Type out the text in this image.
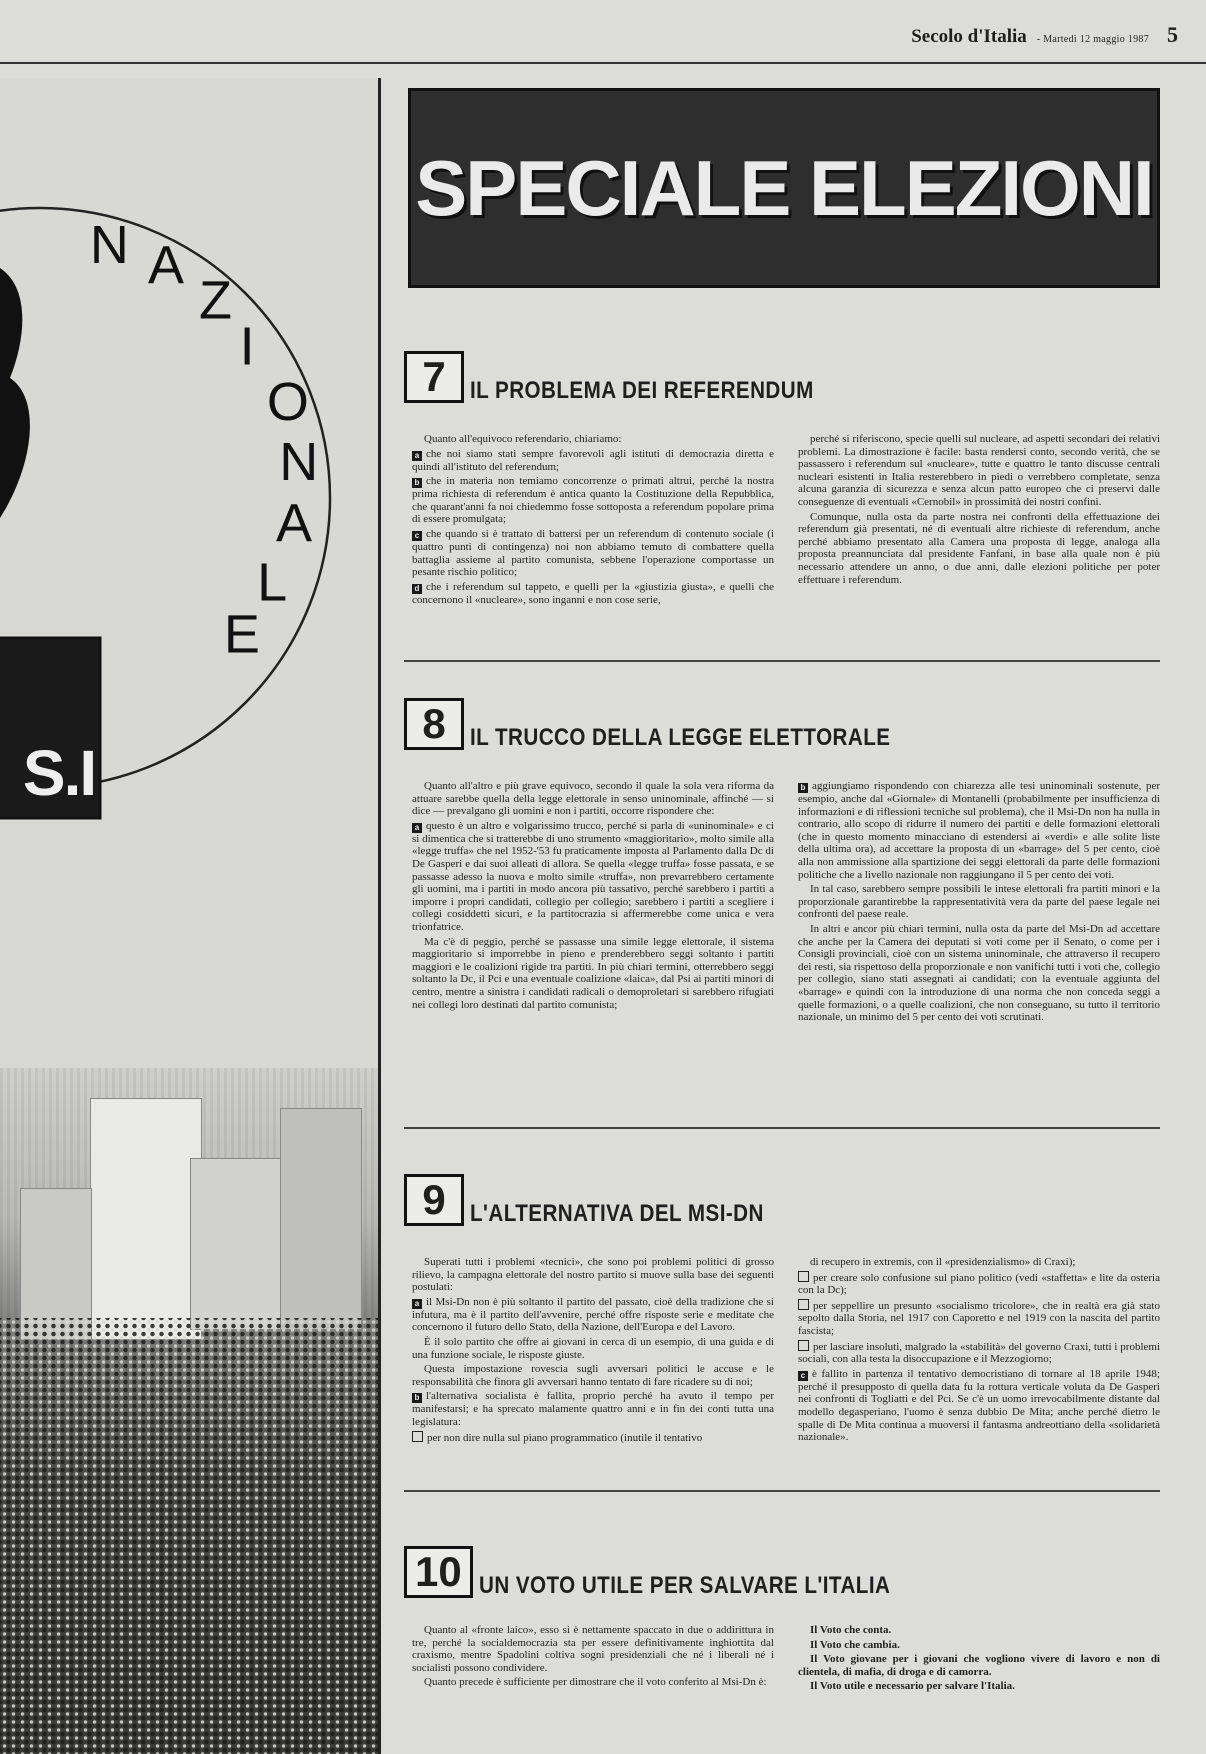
Secolo d'Italia - Martedì 12 maggio 1987 5
N AZIO N A L E
S.I
SPECIALE ELEZIONI
7	IL PROBLEMA DEI REFERENDUM

Quanto all'equivoco referendario, chiariamo:

a che noi siamo stati sempre favorevoli agli istituti di democrazia diretta e quindi all'istituto del referendum;

b che in materia non temiamo concorrenze o primati altrui, perché la nostra prima richiesta di referendum è antica quanto la Costituzione della Repubblica, che quarant'anni fa noi chiedemmo fosse sottoposta a referendum popolare prima di essere promulgata;

c che quando si è trattato di battersi per un referendum di contenuto sociale (i quattro punti di contingenza) noi non abbiamo temuto di combattere quella battaglia assieme al partito comunista, sebbene l'operazione comportasse un pesante rischio politico;

d che i referendum sul tappeto, e quelli per la «giustizia giusta», e quelli che concernono il «nucleare», sono inganni e non cose serie,

perché si riferiscono, specie quelli sul nucleare, ad aspetti secondari dei relativi problemi. La dimostrazione è facile: basta rendersi conto, secondo verità, che se passassero i referendum sul «nucleare», tutte e quattro le tanto discusse centrali nucleari esistenti in Italia resterebbero in piedi o verrebbero completate, senza alcuna garanzia di sicurezza e senza alcun patto europeo che ci preservi dalle conseguenze di eventuali «Cernobil» in prossimità dei nostri confini.

Comunque, nulla osta da parte nostra nei confronti della effettuazione dei referendum già presentati, né di eventuali altre richieste di referendum, anche perché abbiamo presentato alla Camera una proposta di legge, analoga alla proposta preannunciata dal presidente Fanfani, in base alla quale non è più necessario attendere un anno, o due anni, dalle elezioni politiche per poter effettuare i referendum.

8	IL TRUCCO DELLA LEGGE ELETTORALE

Quanto all'altro e più grave equivoco, secondo il quale la sola vera riforma da attuare sarebbe quella della legge elettorale in senso uninominale, affinché — si dice — prevalgano gli uomini e non i partiti, occorre rispondere che:

a questo è un altro e volgarissimo trucco, perché si parla di «uninominale» e ci si dimentica che si tratterebbe di uno strumento «maggioritario», molto simile alla «legge truffa» che nel 1952-'53 fu praticamente imposta al Parlamento dalla Dc di De Gasperi e dai suoi alleati di allora. Se quella «legge truffa» fosse passata, e se passasse adesso la nuova e molto simile «truffa», non prevarrebbero certamente gli uomini, ma i partiti in modo ancora più tassativo, perché sarebbero i partiti a imporre i propri candidati, collegio per collegio; sarebbero i partiti a scegliere i collegi cosiddetti sicuri, e la partitocrazia si affermerebbe come unica e vera trionfatrice.

Ma c'è di peggio, perché se passasse una simile legge elettorale, il sistema maggioritario si imporrebbe in pieno e prenderebbero seggi soltanto i partiti maggiori e le coalizioni rigide tra partiti. In più chiari termini, otterrebbero seggi soltanto la Dc, il Pci e una eventuale coalizione «laica», dal Psi ai partiti minori di centro, mentre a sinistra i candidati radicali o demoproletari si sarebbero rifugiati nei collegi loro destinati dal partito comunista;

b aggiungiamo rispondendo con chiarezza alle tesi uninominali sostenute, per esempio, anche dal «Giornale» di Montanelli (probabilmente per insufficienza di informazioni e di riflessioni tecniche sul problema), che il Msi-Dn non ha nulla in contrario, allo scopo di ridurre il numero dei partiti e delle formazioni elettorali (che in questo momento minacciano di estendersi ai «verdi» e alle solite liste della ultima ora), ad accettare la proposta di un «barrage» del 5 per cento, cioè alla non ammissione alla spartizione dei seggi elettorali da parte delle formazioni politiche che a livello nazionale non raggiungano il 5 per cento dei voti.

In tal caso, sarebbero sempre possibili le intese elettorali fra partiti minori e la proporzionale garantirebbe la rappresentatività vera da parte del paese legale nei confronti del paese reale.

In altri e ancor più chiari termini, nulla osta da parte del Msi-Dn ad accettare che anche per la Camera dei deputati si voti come per il Senato, o come per i Consigli provinciali, cioè con un sistema uninominale, che attraverso il recupero dei resti, sia rispettoso della proporzionale e non vanifichi tutti i voti che, collegio per collegio, siano stati assegnati ai candidati; con la eventuale aggiunta del «barrage» e quindi con la introduzione di una norma che non conceda seggi a quelle formazioni, o a quelle coalizioni, che non conseguano, su tutto il territorio nazionale, un minimo del 5 per cento dei voti scrutinati.

9	L'ALTERNATIVA DEL MSI-DN

Superati tutti i problemi «tecnici», che sono poi problemi politici di grosso rilievo, la campagna elettorale del nostro partito si muove sulla base dei seguenti postulati:

a il Msi-Dn non è più soltanto il partito del passato, cioè della tradizione che si infutura, ma è il partito dell'avvenire, perché offre risposte serie e meditate che concernono il futuro dello Stato, della Nazione, dell'Europa e del Lavoro.

È il solo partito che offre ai giovani in cerca di un esempio, di una guida e di una funzione sociale, le risposte giuste.

Questa impostazione rovescia sugli avversari politici le accuse e le responsabilità che finora gli avversari hanno tentato di fare ricadere su di noi;

b l'alternativa socialista è fallita, proprio perché ha avuto il tempo per manifestarsi; e ha sprecato malamente quattro anni e in fin dei conti tutta una legislatura:

per non dire nulla sul piano programmatico (inutile il tentativo

di recupero in extremis, con il «presidenzialismo» di Craxi);

per creare solo confusione sul piano politico (vedi «staffetta» e lite da osteria con la Dc);

per seppellire un presunto «socialismo tricolore», che in realtà era già stato sepolto dalla Storia, nel 1917 con Caporetto e nel 1919 con la nascita del partito fascista;

per lasciare insoluti, malgrado la «stabilità» del governo Craxi, tutti i problemi sociali, con alla testa la disoccupazione e il Mezzogiorno;

c è fallito in partenza il tentativo democristiano di tornare al 18 aprile 1948; perché il presupposto di quella data fu la rottura verticale voluta da De Gasperi nei confronti di Togliatti e del Pci. Se c'è un uomo irrevocabilmente distante dal modello degasperiano, l'uomo è senza dubbio De Mita; anche perché dietro le spalle di De Mita continua a muoversi il fantasma andreottiano della «solidarietà nazionale».

10 UN VOTO UTILE PER SALVARE L'ITALIA

Quanto al «fronte laico», esso si è nettamente spaccato in due o addirittura in tre, perché la socialdemocrazia sta per essere definitivamente inghiottita dal craxismo, mentre Spadolini coltiva sogni presidenziali che né i liberali né i socialisti possono condividere.

Quanto precede è sufficiente per dimostrare che il voto conferito al Msi-Dn è:

Il Voto che conta.

Il Voto che cambia.

Il Voto giovane per i giovani che vogliono vivere di lavoro e non di clientela, di mafia, di droga e di camorra.

Il Voto utile e necessario per salvare l'Italia.
